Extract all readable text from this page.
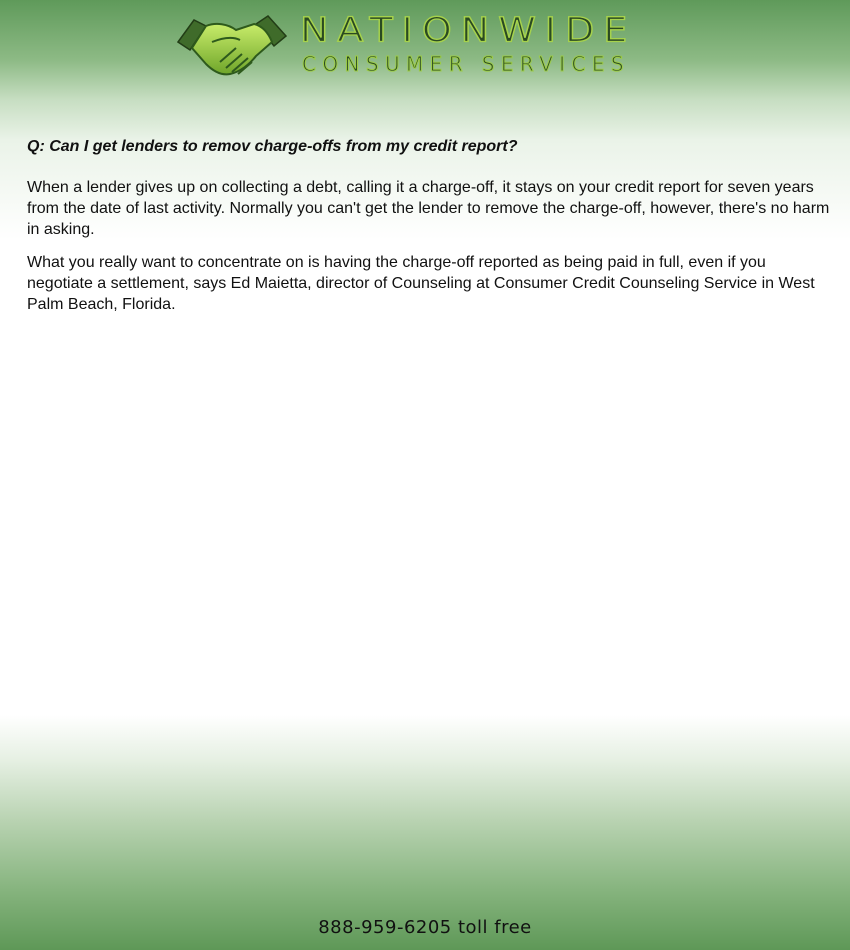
NATIONWIDE
CONSUMER SERVICES

Q: Can I get lenders to remov charge-offs from my credit report?

When a lender gives up on collecting a debt, calling it a charge-off, it stays on your credit report for seven years from the date of last activity. Normally you can't get the lender to remove the charge-off, however, there's no harm in asking.

What you really want to concentrate on is having the charge-off reported as being paid in full, even if you negotiate a settlement, says Ed Maietta, director of Counseling at Consumer Credit Counseling Service in West Palm Beach, Florida.

888-959-6205 toll free
